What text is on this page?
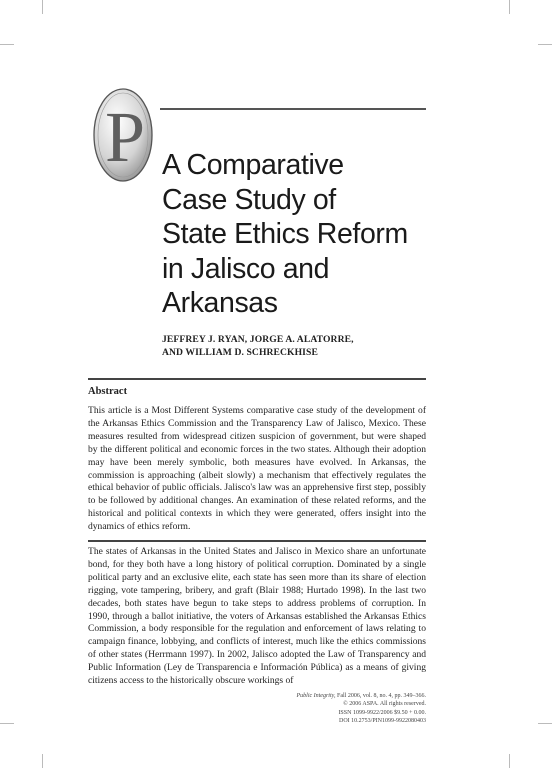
P A Comparative
Case Study of
State Ethics Reform
in Jalisco and
Arkansas
JEFFREY J. RYAN, JORGE A. ALATORRE,
AND WILLIAM D. SCHRECKHISE
Abstract

This article is a Most Different Systems comparative case study of the development of the Arkansas Ethics Commission and the Transparency Law of Jalisco, Mexico. These measures resulted from widespread citizen suspicion of government, but were shaped by the different political and economic forces in the two states. Although their adoption may have been merely symbolic, both measures have evolved. In Arkansas, the commission is approaching (albeit slowly) a mechanism that effectively regulates the ethical behavior of public officials. Jalisco's law was an apprehensive first step, possibly to be followed by additional changes. An examination of these related reforms, and the historical and political contexts in which they were generated, offers insight into the dynamics of ethics reform.

The states of Arkansas in the United States and Jalisco in Mexico share an unfortunate bond, for they both have a long history of political corruption. Dominated by a single political party and an exclusive elite, each state has seen more than its share of election rigging, vote tampering, bribery, and graft (Blair 1988; Hurtado 1998). In the last two decades, both states have begun to take steps to address problems of corruption. In 1990, through a ballot initiative, the voters of Arkansas established the Arkansas Ethics Commission, a body responsible for the regulation and enforcement of laws relating to campaign finance, lobbying, and conflicts of interest, much like the ethics commissions of other states (Herrmann 1997). In 2002, Jalisco adopted the Law of Transparency and Public Information (Ley de Transparencia e Información Pública) as a means of giving citizens access to the historically obscure workings of

Public Integrity, Fall 2006, vol. 8, no. 4, pp. 349–366.
© 2006 ASPA. All rights reserved.
ISSN 1099-9922/2006 $9.50 + 0.00.
DOI 10.2753/PIN1099-9922080403
